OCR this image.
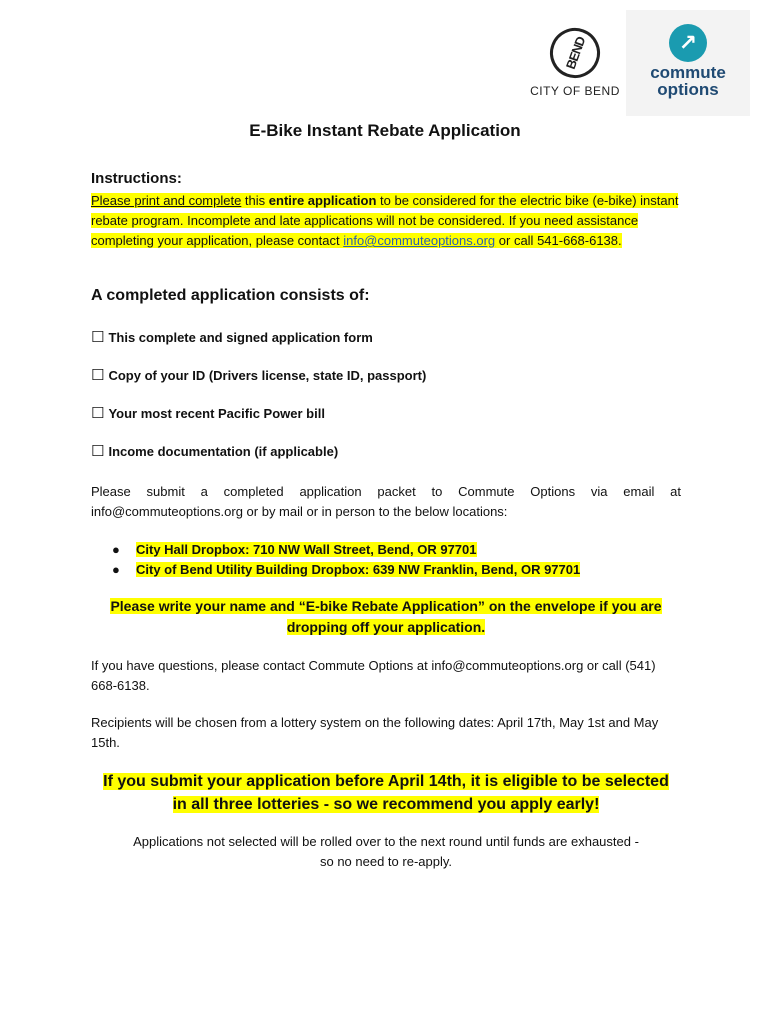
BEND
CITY OF BEND
↗
commute
options
E-Bike Instant Rebate Application
Instructions:
Please print and complete this entire application to be considered for the electric bike (e-bike) instant rebate program. Incomplete and late applications will not be considered. If you need assistance completing your application, please contact info@commuteoptions.org or call 541-668-6138.
A completed application consists of:
☐ This complete and signed application form
☐ Copy of your ID (Drivers license, state ID, passport)
☐ Your most recent Pacific Power bill
☐ Income documentation (if applicable)
Please submit a completed application packet to Commute Options via email at info@commuteoptions.org or by mail or in person to the below locations:
● City Hall Dropbox: 710 NW Wall Street, Bend, OR 97701
● City of Bend Utility Building Dropbox: 639 NW Franklin, Bend, OR 97701
Please write your name and “E-bike Rebate Application” on the envelope if you are
dropping off your application.
If you have questions, please contact Commute Options at info@commuteoptions.org or call (541) 668-6138.
Recipients will be chosen from a lottery system on the following dates: April 17th, May 1st and May 15th.
If you submit your application before April 14th, it is eligible to be selected
in all three lotteries - so we recommend you apply early!
Applications not selected will be rolled over to the next round until funds are exhausted -
so no need to re-apply.
